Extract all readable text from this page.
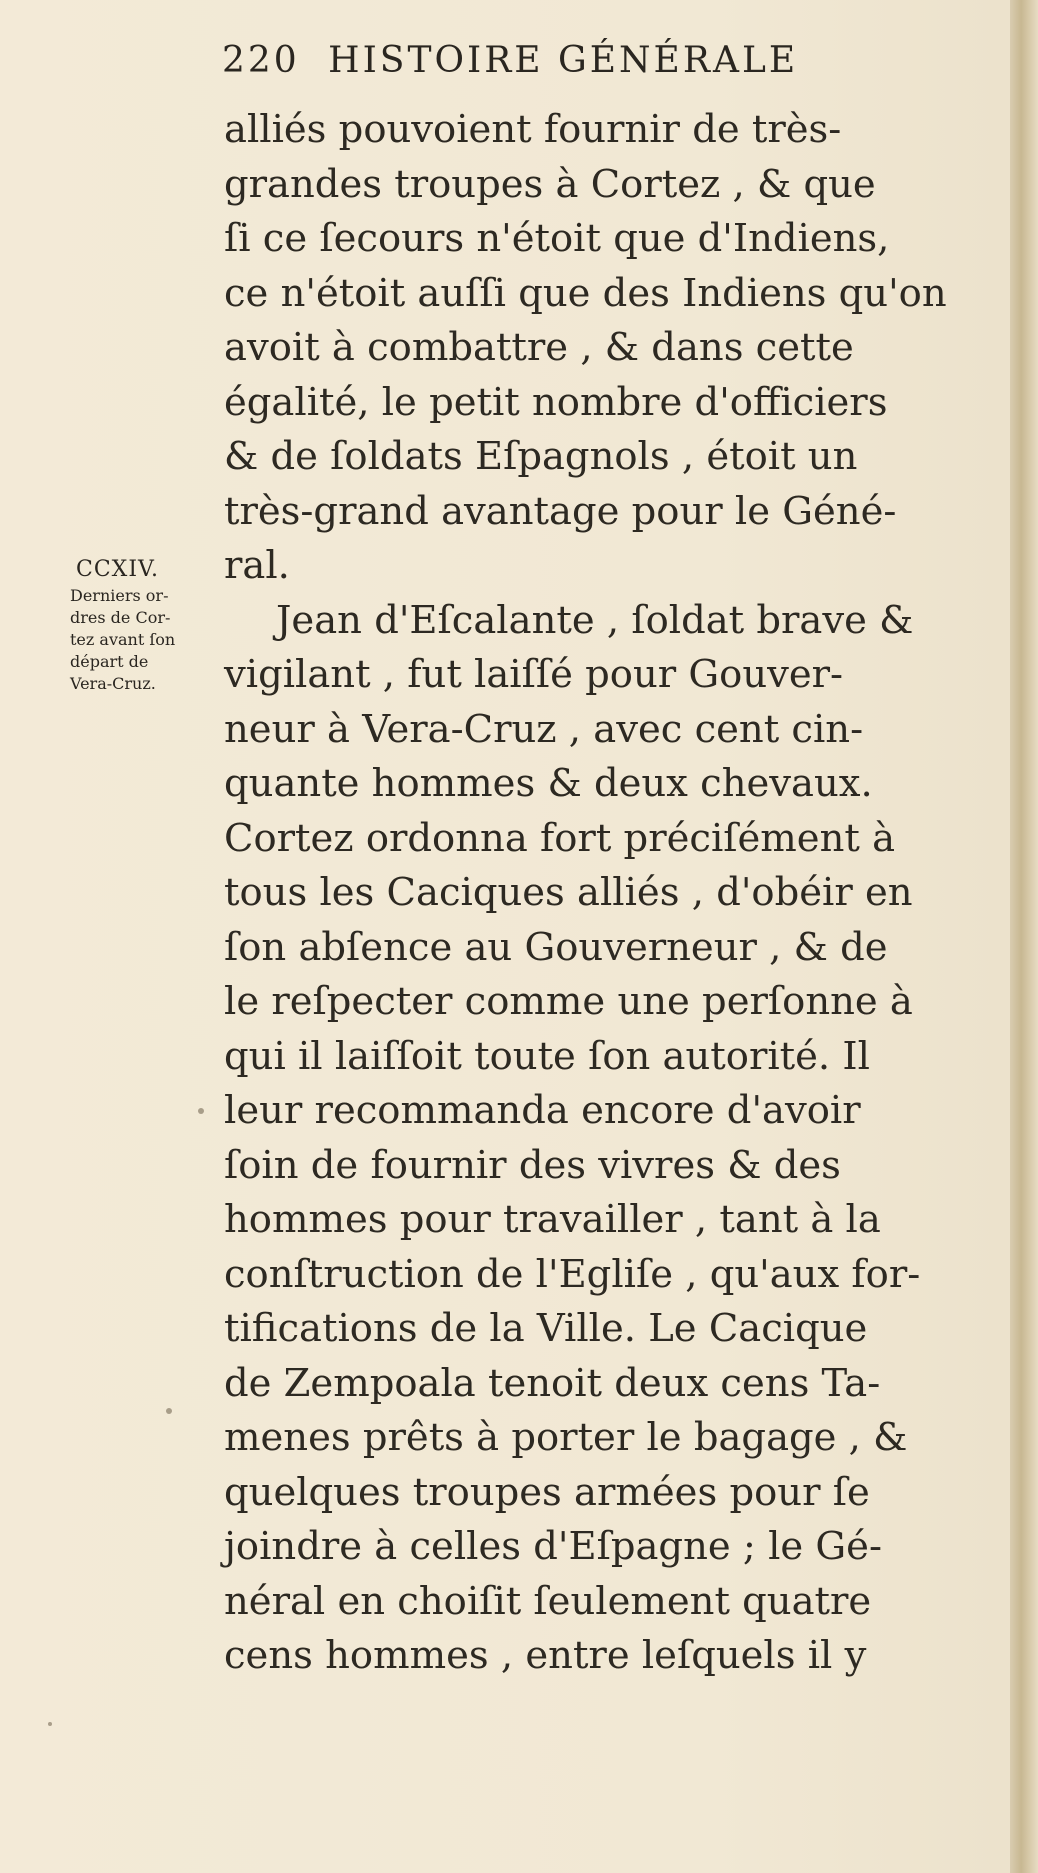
220 HISTOIRE GÉNÉRALE
CCXIV.
Derniers or-
dres de Cor-
tez avant ſon
départ de
Vera-Cruz.
alliés pouvoient fournir de très-
grandes troupes à Cortez , & que
ſi ce ſecours n'étoit que d'Indiens,
ce n'étoit auſſi que des Indiens qu'on
avoit à combattre , & dans cette
égalité, le petit nombre d'officiers
& de ſoldats Eſpagnols , étoit un
très-grand avantage pour le Géné-
ral.
Jean d'Eſcalante , ſoldat brave &
vigilant , fut laiſſé pour Gouver-
neur à Vera-Cruz , avec cent cin-
quante hommes & deux chevaux.
Cortez ordonna fort préciſément à
tous les Caciques alliés , d'obéir en
ſon abſence au Gouverneur , & de
le reſpecter comme une perſonne à
qui il laiſſoit toute ſon autorité. Il
leur recommanda encore d'avoir
ſoin de fournir des vivres & des
hommes pour travailler , tant à la
conſtruction de l'Egliſe , qu'aux for-
tifications de la Ville. Le Cacique
de Zempoala tenoit deux cens Ta-
menes prêts à porter le bagage , &
quelques troupes armées pour ſe
joindre à celles d'Eſpagne ; le Gé-
néral en choiſit ſeulement quatre
cens hommes , entre leſquels il y
